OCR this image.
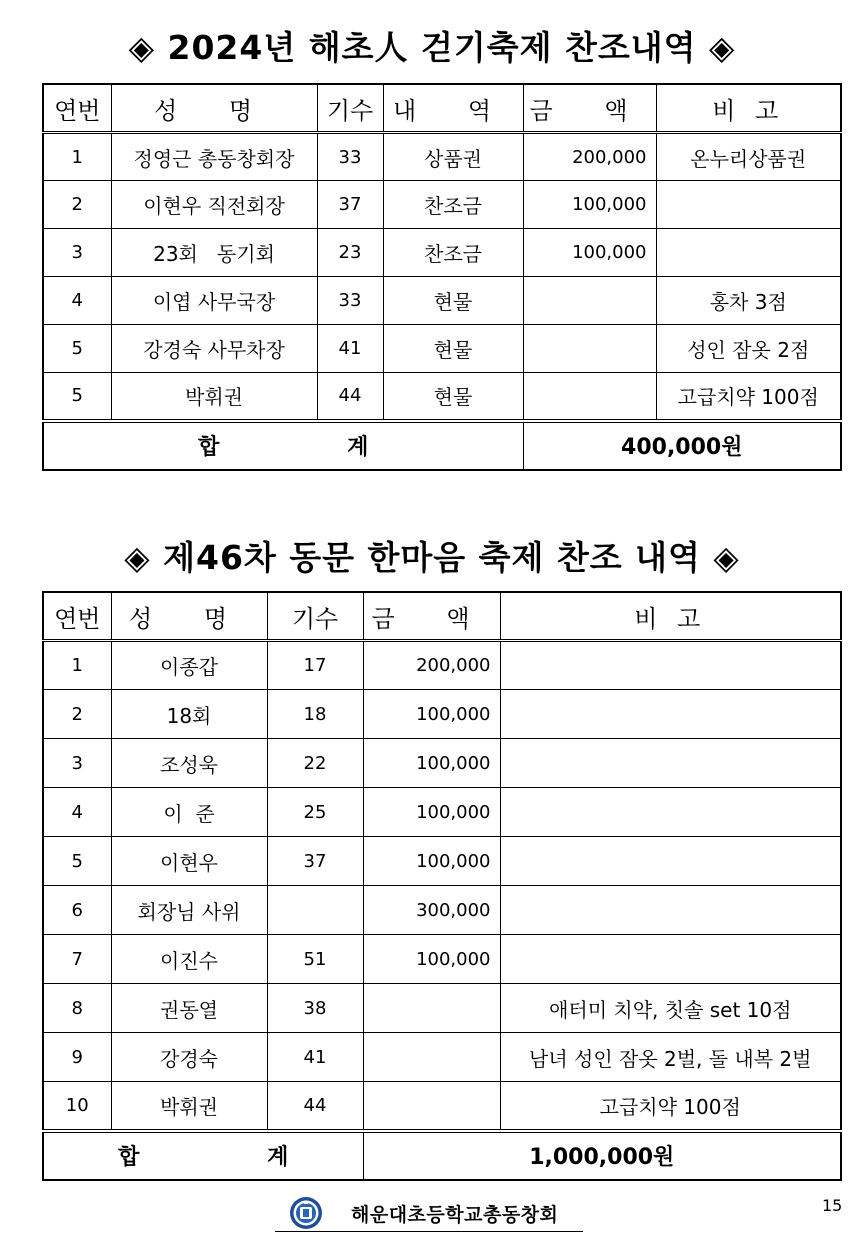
◈ 2024년 해초人 걷기축제 찬조내역 ◈
연번	성 명	기수	내 역	금 액	비 고
1	정영근 총동창회장	33	상품권	200,000	온누리상품권
2	이현우 직전회장	37	찬조금	100,000	
3	23회   동기회	23	찬조금	100,000	
4	이엽 사무국장	33	현물		홍차 3점
5	강경숙 사무차장	41	현물		성인 잠옷 2점
5	박휘권	44	현물		고급치약 100점
합 계				400,000원	
◈ 제46차 동문 한마음 축제 찬조 내역 ◈
연번	성 명	기수	금 액	비 고
1	이종갑	17	200,000	
2	18회	18	100,000	
3	조성욱	22	100,000	
4	이  준	25	100,000	
5	이현우	37	100,000	
6	회장님 사위		300,000	
7	이진수	51	100,000	
8	권동열	38		애터미 치약, 칫솔 set 10점
9	강경숙	41		남녀 성인 잠옷 2벌, 돌 내복 2벌
10	박휘권	44		고급치약 100점
합 계			1,000,000원	
해운대초등학교총동창회	15
